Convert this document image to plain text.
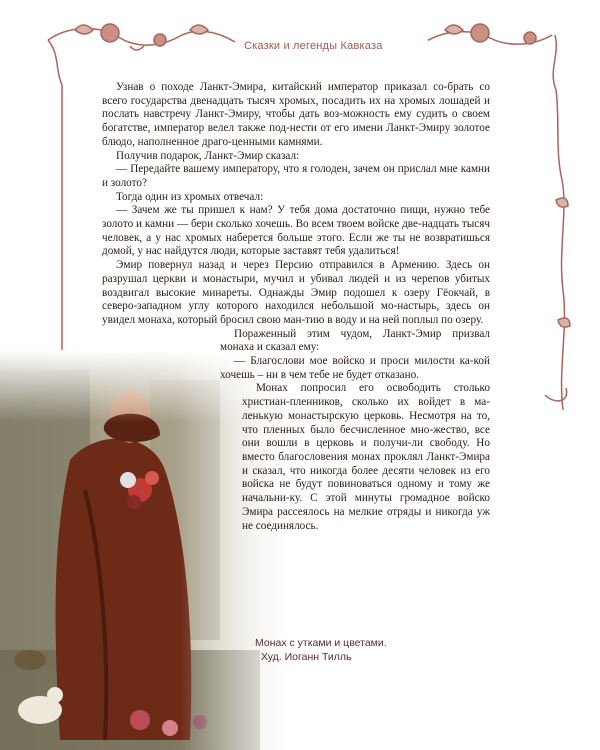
Сказки и легенды Кавказа

Узнав о походе Ланкт-Эмира, китайский император приказал со-брать со всего государства двенадцать тысяч хромых, посадить их на хромых лошадей и послать навстречу Ланкт-Эмиру, чтобы дать воз-можность ему судить о своем богатстве, император велел также под-нести от его имени Ланкт-Эмиру золотое блюдо, наполненное драго-ценными камнями.

Получив подарок, Ланкт-Эмир сказал:

— Передайте вашему императору, что я голоден, зачем он прислал мне камни и золото?

Тогда один из хромых отвечал:

— Зачем же ты пришел к нам? У тебя дома достаточно пищи, нужно тебе золото и камни — бери сколько хочешь. Во всем твоем войске две-надцать тысяч человек, а у нас хромых наберется больше этого. Если же ты не возвратишься домой, у нас найдутся люди, которые заставят тебя удалиться!

Эмир повернул назад и через Персию отправился в Армению. Здесь он разрушал церкви и монастыри, мучил и убивал людей и из черепов убитых воздвигал высокие минареты. Однажды Эмир подошел к озеру Гёокчай, в северо-западном углу которого находился небольшой мо-настырь, здесь он увидел монаха, который бросил свою ман-тию в воду и на ней поплыл по озеру.

Пораженный этим чудом, Ланкт-Эмир призвал монаха и сказал ему:

— Благослови мое войско и проси милости ка-кой хочешь – ни в чем тебе не будет отказано.

Монах попросил его освободить столько христиан-пленников, сколько их войдет в ма-ленькую монастырскую церковь. Несмотря на то, что пленных было бесчисленное мно-жество, все они вошли в церковь и получи-ли свободу. Но вместо благословения монах проклял Ланкт-Эмира и сказал, что никогда более десяти человек из его войска не будут повиноваться одному и тому же начальни-ку. С этой минуты громадное войско Эмира рассеялось на мелкие отряды и никогда уж не соединялось.

Монах с утками и цветами.
Худ. Иоганн Тилль
